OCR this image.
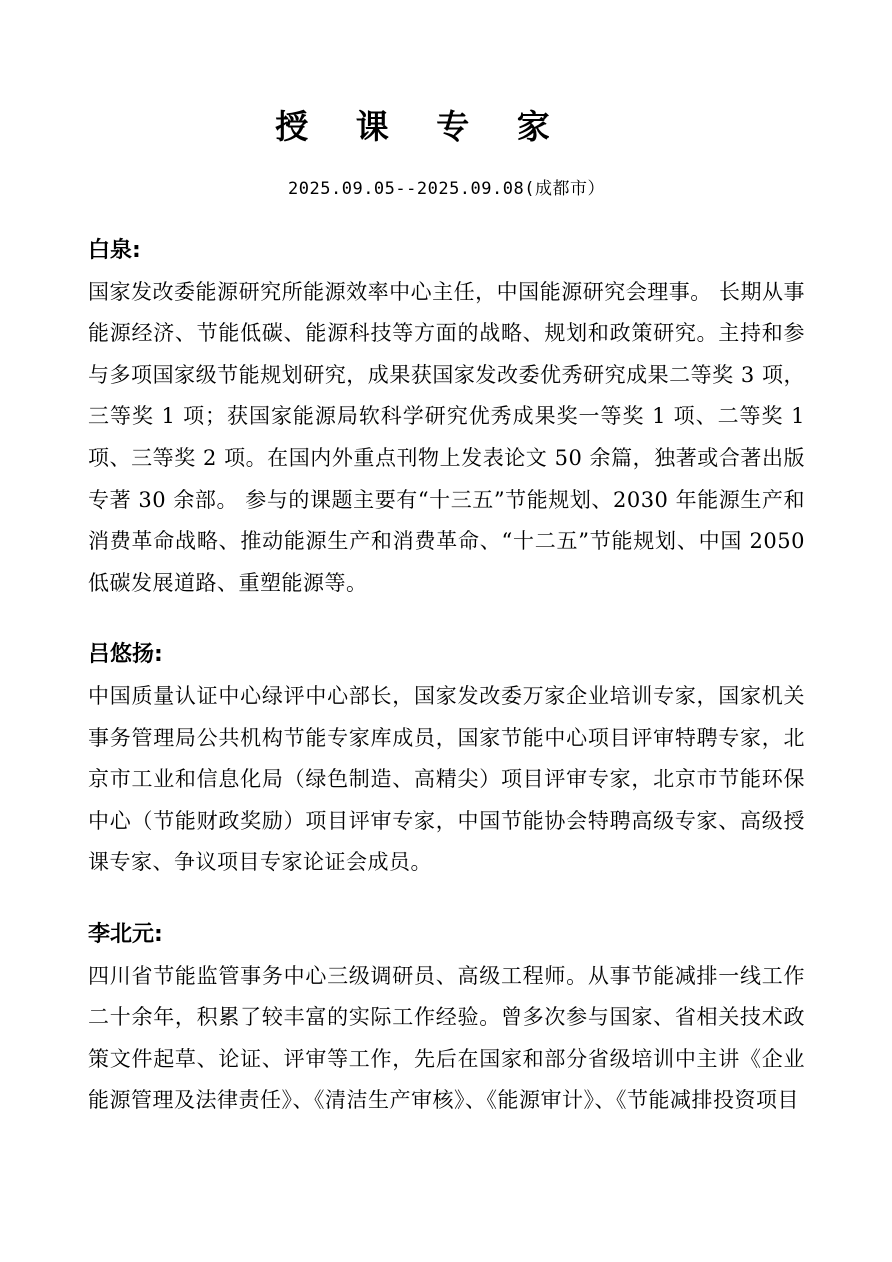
授 课 专 家
2025.09.05--2025.09.08(成都市）
白泉:

国家发改委能源研究所能源效率中心主任，中国能源研究会理事。 长期从事能源经济、节能低碳、能源科技等方面的战略、规划和政策研究。主持和参与多项国家级节能规划研究，成果获国家发改委优秀研究成果二等奖 3 项，三等奖 1 项；获国家能源局软科学研究优秀成果奖一等奖 1 项、二等奖 1 项、三等奖 2 项。在国内外重点刊物上发表论文 50 余篇，独著或合著出版专著 30 余部。 参与的课题主要有“十三五”节能规划、2030 年能源生产和消费革命战略、推动能源生产和消费革命、“十二五”节能规划、中国 2050 低碳发展道路、重塑能源等。

吕悠扬:

中国质量认证中心绿评中心部长，国家发改委万家企业培训专家，国家机关事务管理局公共机构节能专家库成员，国家节能中心项目评审特聘专家，北京市工业和信息化局（绿色制造、高精尖）项目评审专家，北京市节能环保中心（节能财政奖励）项目评审专家，中国节能协会特聘高级专家、高级授课专家、争议项目专家论证会成员。

李北元:

四川省节能监管事务中心三级调研员、高级工程师。从事节能减排一线工作二十余年，积累了较丰富的实际工作经验。曾多次参与国家、省相关技术政策文件起草、论证、评审等工作，先后在国家和部分省级培训中主讲《企业能源管理及法律责任》、《清洁生产审核》、《能源审计》、《节能减排投资项目
